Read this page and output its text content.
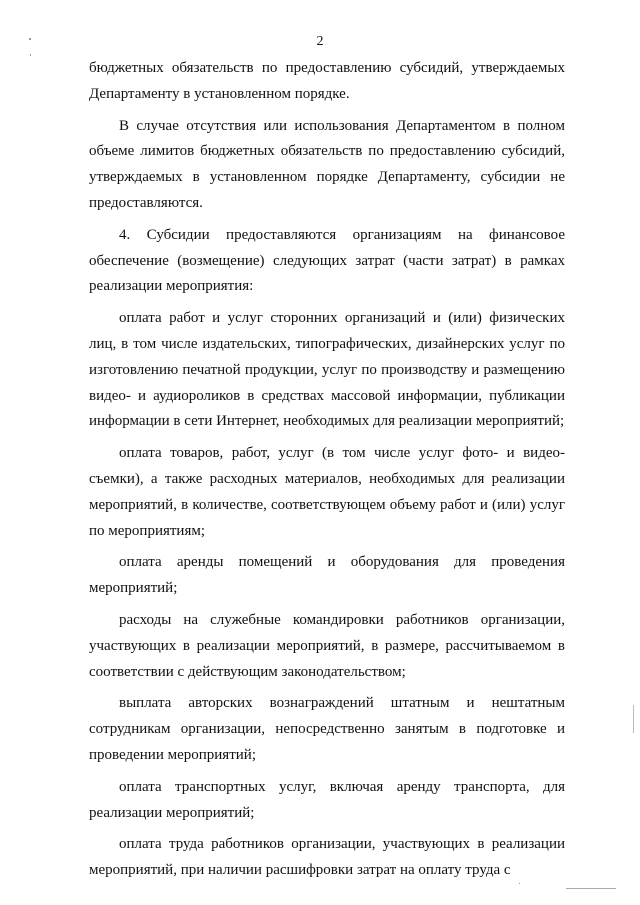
2

бюджетных обязательств по предоставлению субсидий, утверждаемых Департаменту в установленном порядке.

В случае отсутствия или использования Департаментом в полном объеме лимитов бюджетных обязательств по предоставлению субсидий, утверждаемых в установленном порядке Департаменту, субсидии не предоставляются.

4. Субсидии предоставляются организациям на финансовое обеспечение (возмещение) следующих затрат (части затрат) в рамках реализации мероприятия:

оплата работ и услуг сторонних организаций и (или) физических лиц, в том числе издательских, типографических, дизайнерских услуг по изготовлению печатной продукции, услуг по производству и размещению видео- и аудиороликов в средствах массовой информации, публикации информации в сети Интернет, необходимых для реализации мероприятий;

оплата товаров, работ, услуг (в том числе услуг фото- и видео-съемки), а также расходных материалов, необходимых для реализации мероприятий, в количестве, соответствующем объему работ и (или) услуг по мероприятиям;

оплата аренды помещений и оборудования для проведения мероприятий;

расходы на служебные командировки работников организации, участвующих в реализации мероприятий, в размере, рассчитываемом в соответствии с действующим законодательством;

выплата авторских вознаграждений штатным и нештатным сотрудникам организации, непосредственно занятым в подготовке и проведении мероприятий;

оплата транспортных услуг, включая аренду транспорта, для реализации мероприятий;

оплата труда работников организации, участвующих в реализации мероприятий, при наличии расшифровки затрат на оплату труда с
